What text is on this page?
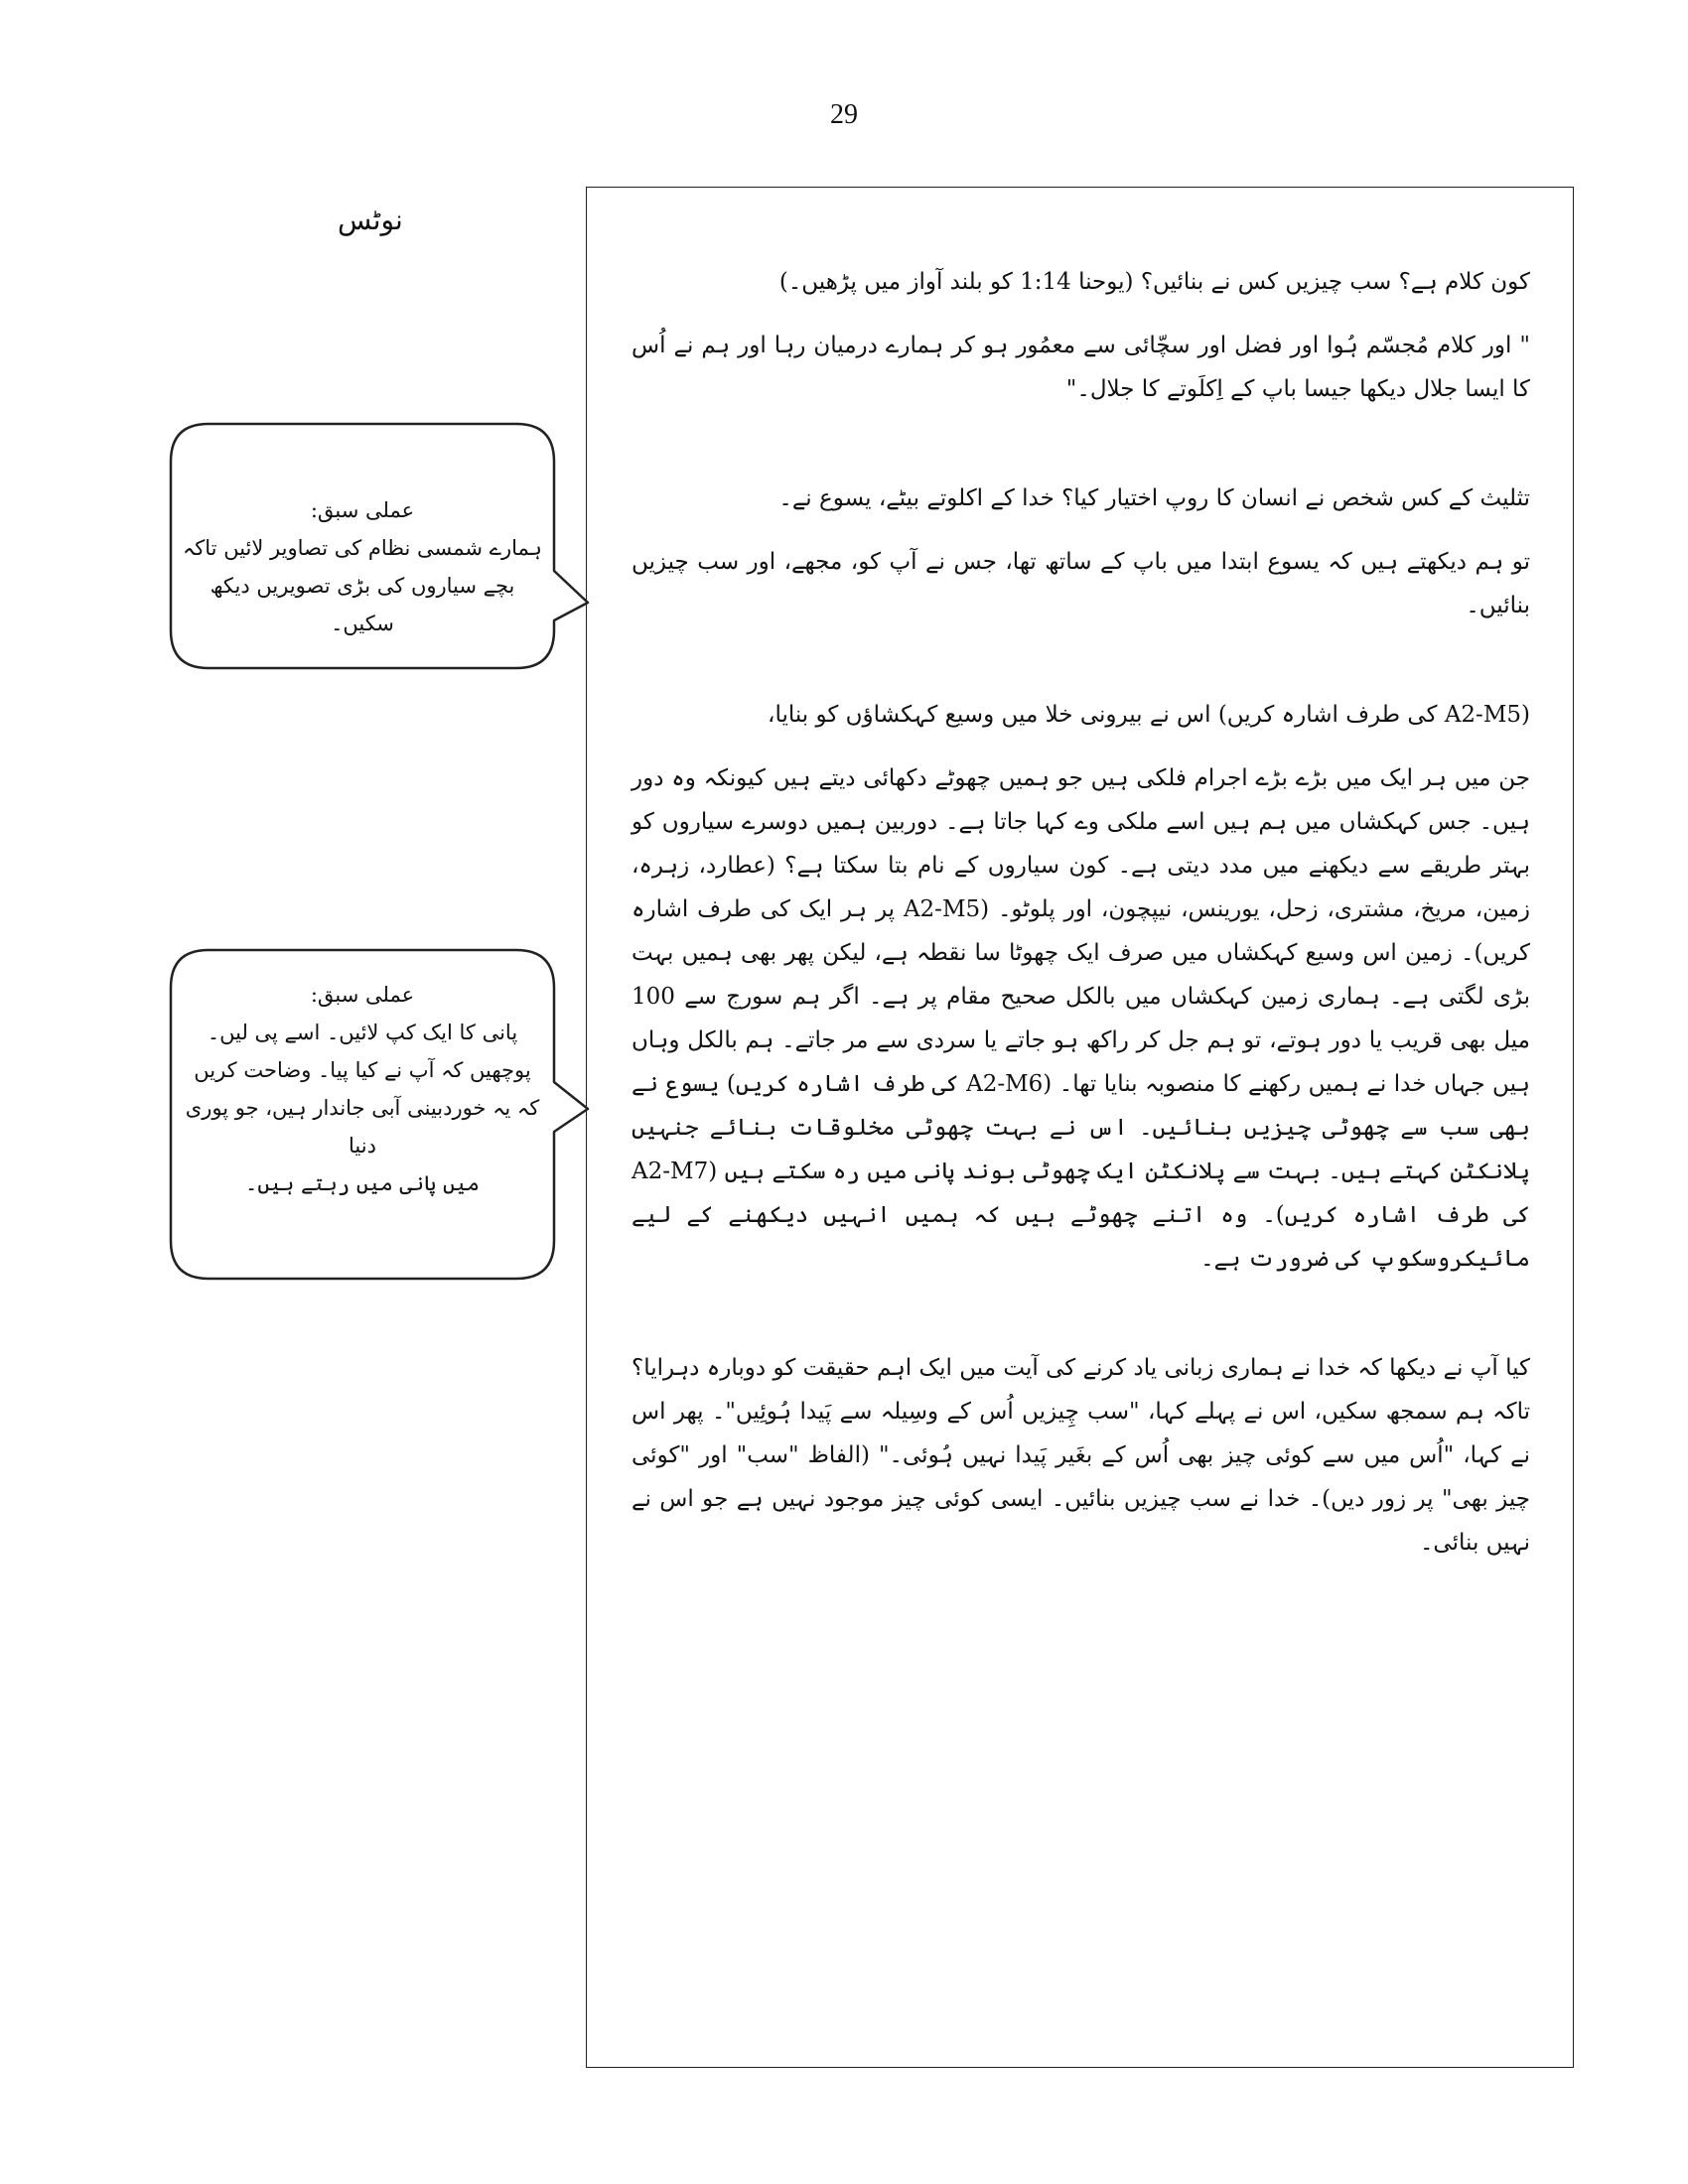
29
نوٹس
عملی سبق:
ہمارے شمسی نظام کی تصاویر لائیں تاکہ
بچے سیاروں کی بڑی تصویریں دیکھ سکیں۔
عملی سبق:
پانی کا ایک کپ لائیں۔ اسے پی لیں۔
پوچھیں کہ آپ نے کیا پیا۔ وضاحت کریں
کہ یہ خوردبینی آبی جاندار ہیں، جو پوری دنیا
میں پانی میں رہتے ہیں۔

کون کلام ہے؟ سب چیزیں کس نے بنائیں؟ (یوحنا 1:14 کو بلند آواز میں پڑھیں۔)

" اور کلام مُجسّم ہُوا اور فضل اور سچّائی سے معمُور ہو کر ہمارے درمیان رہا اور ہم نے اُس کا ایسا جلال دیکھا جیسا باپ کے اِکلَوتے کا جلال۔"

تثلیث کے کس شخص نے انسان کا روپ اختیار کیا؟ خدا کے اکلوتے بیٹے، یسوع نے۔

تو ہم دیکھتے ہیں کہ یسوع ابتدا میں باپ کے ساتھ تھا، جس نے آپ کو، مجھے، اور سب چیزیں بنائیں۔

(A2-M5 کی طرف اشارہ کریں) اس نے بیرونی خلا میں وسیع کہکشاؤں کو بنایا،

جن میں ہر ایک میں بڑے بڑے اجرام فلکی ہیں جو ہمیں چھوٹے دکھائی دیتے ہیں کیونکہ وہ دور ہیں۔ جس کہکشاں میں ہم ہیں اسے ملکی وے کہا جاتا ہے۔ دوربین ہمیں دوسرے سیاروں کو بہتر طریقے سے دیکھنے میں مدد دیتی ہے۔ کون سیاروں کے نام بتا سکتا ہے؟ (عطارد، زہرہ، زمین، مریخ، مشتری، زحل، یورینس، نیپچون، اور پلوٹو۔ (A2-M5 پر ہر ایک کی طرف اشارہ کریں)۔ زمین اس وسیع کہکشاں میں صرف ایک چھوٹا سا نقطہ ہے، لیکن پھر بھی ہمیں بہت بڑی لگتی ہے۔ ہماری زمین کہکشاں میں بالکل صحیح مقام پر ہے۔ اگر ہم سورج سے 100 میل بھی قریب یا دور ہوتے، تو ہم جل کر راکھ ہو جاتے یا سردی سے مر جاتے۔ ہم بالکل وہاں ہیں جہاں خدا نے ہمیں رکھنے کا منصوبہ بنایا تھا۔ (A2-M6 کی طرف اشارہ کریں) یسوع نے بھی سب سے چھوٹی چیزیں بنائیں۔ اس نے بہت چھوٹی مخلوقات بنائے جنہیں پلانکٹن کہتے ہیں۔ بہت سے پلانکٹن ایک چھوٹی بوند پانی میں رہ سکتے ہیں (A2-M7 کی طرف اشارہ کریں)۔ وہ اتنے چھوٹے ہیں کہ ہمیں انہیں دیکھنے کے لیے مائیکروسکوپ کی ضرورت ہے۔

کیا آپ نے دیکھا کہ خدا نے ہماری زبانی یاد کرنے کی آیت میں ایک اہم حقیقت کو دوبارہ دہرایا؟ تاکہ ہم سمجھ سکیں، اس نے پہلے کہا، "سب چِیزیں اُس کے وسِیلہ سے پَیدا ہُوئِیں"۔ پھر اس نے کہا، "اُس میں سے کوئی چیز بھی اُس کے بغَیر پَیدا نہیں ہُوئی۔" (الفاظ "سب" اور "کوئی چیز بھی" پر زور دیں)۔ خدا نے سب چیزیں بنائیں۔ ایسی کوئی چیز موجود نہیں ہے جو اس نے نہیں بنائی۔
